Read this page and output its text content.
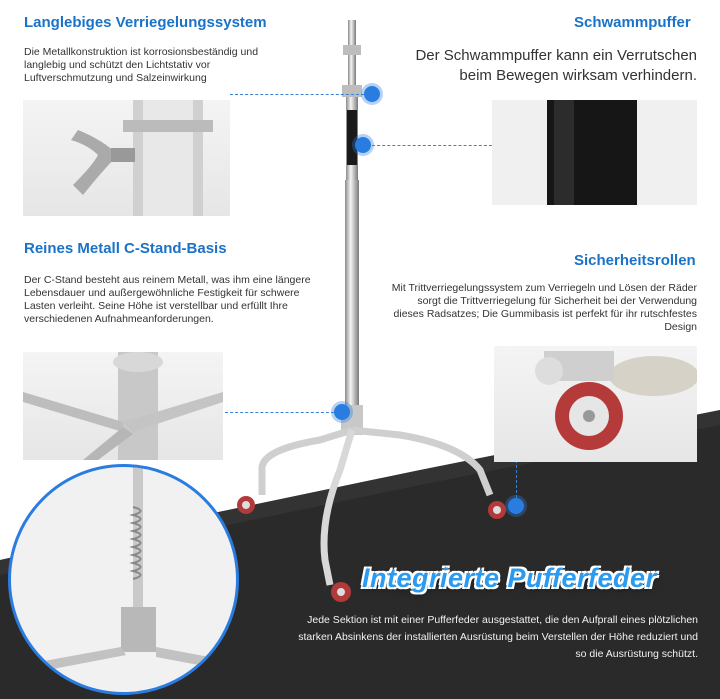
Langlebiges Verriegelungssystem
Die Metallkonstruktion ist korrosionsbeständig und
langlebig und schützt den Lichtstativ vor
Luftverschmutzung und Salzeinwirkung
Schwammpuffer
Der Schwammpuffer kann ein Verrutschen
beim Bewegen wirksam verhindern.
Reines Metall C-Stand-Basis
Der C-Stand besteht aus reinem Metall, was ihm eine längere
Lebensdauer und außergewöhnliche Festigkeit für schwere
Lasten verleiht. Seine Höhe ist verstellbar und erfüllt Ihre
verschiedenen Aufnahmeanforderungen.
Sicherheitsrollen
Mit Trittverriegelungssystem zum Verriegeln und Lösen der Räder
sorgt die Trittverriegelung für Sicherheit bei der Verwendung
dieses Radsatzes; Die Gummibasis ist perfekt für ihr rutschfestes
Design
Integrierte Pufferfeder
Jede Sektion ist mit einer Pufferfeder ausgestattet, die den Aufprall eines plötzlichen
starken Absinkens der installierten Ausrüstung beim Verstellen der Höhe reduziert und
so die Ausrüstung schützt.
